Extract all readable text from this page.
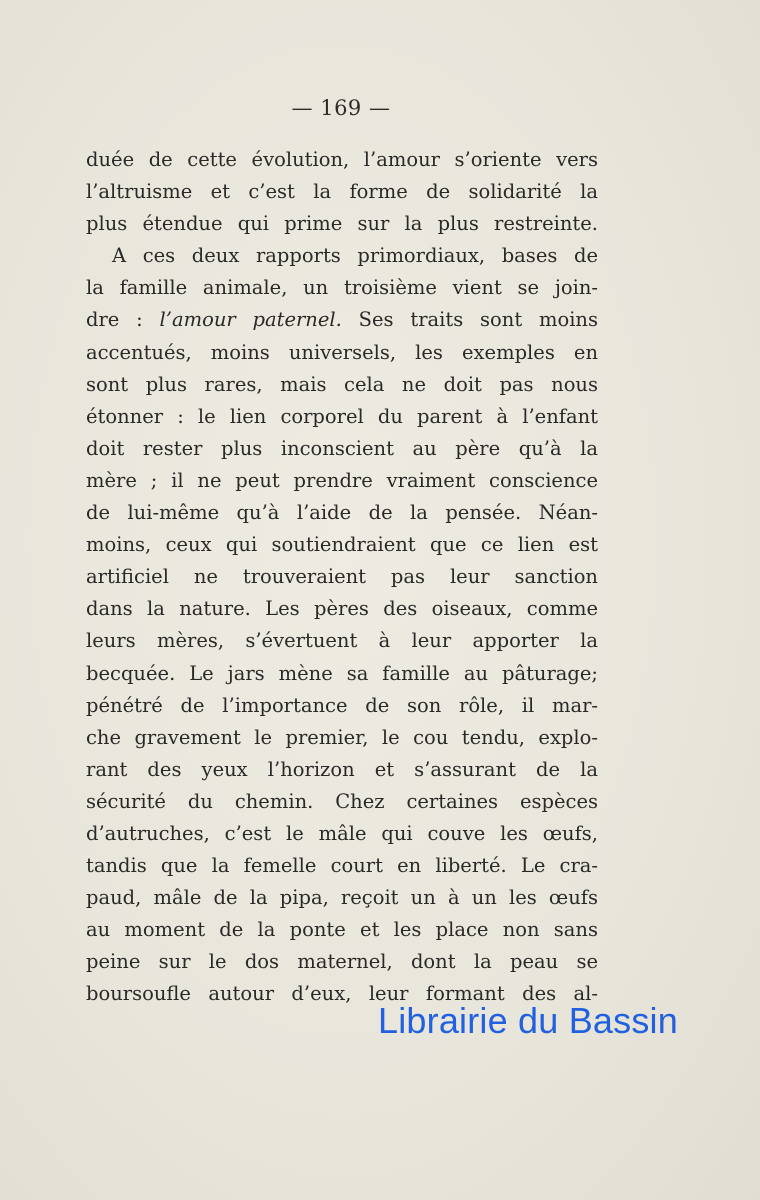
— 169 —
duée de cette évolution, l’amour s’oriente vers
l’altruisme et c’est la forme de solidarité la
plus étendue qui prime sur la plus restreinte.
A ces deux rapports primordiaux, bases de
la famille animale, un troisième vient se join-
dre : l’amour paternel. Ses traits sont moins
accentués, moins universels, les exemples en
sont plus rares, mais cela ne doit pas nous
étonner : le lien corporel du parent à l’enfant
doit rester plus inconscient au père qu’à la
mère ; il ne peut prendre vraiment conscience
de lui-même qu’à l’aide de la pensée. Néan-
moins, ceux qui soutiendraient que ce lien est
artificiel ne trouveraient pas leur sanction
dans la nature. Les pères des oiseaux, comme
leurs mères, s’évertuent à leur apporter la
becquée. Le jars mène sa famille au pâturage;
pénétré de l’importance de son rôle, il mar-
che gravement le premier, le cou tendu, explo-
rant des yeux l’horizon et s’assurant de la
sécurité du chemin. Chez certaines espèces
d’autruches, c’est le mâle qui couve les œufs,
tandis que la femelle court en liberté. Le cra-
paud, mâle de la pipa, reçoit un à un les œufs
au moment de la ponte et les place non sans
peine sur le dos maternel, dont la peau se
boursoufle autour d’eux, leur formant des al-
Librairie du Bassin
